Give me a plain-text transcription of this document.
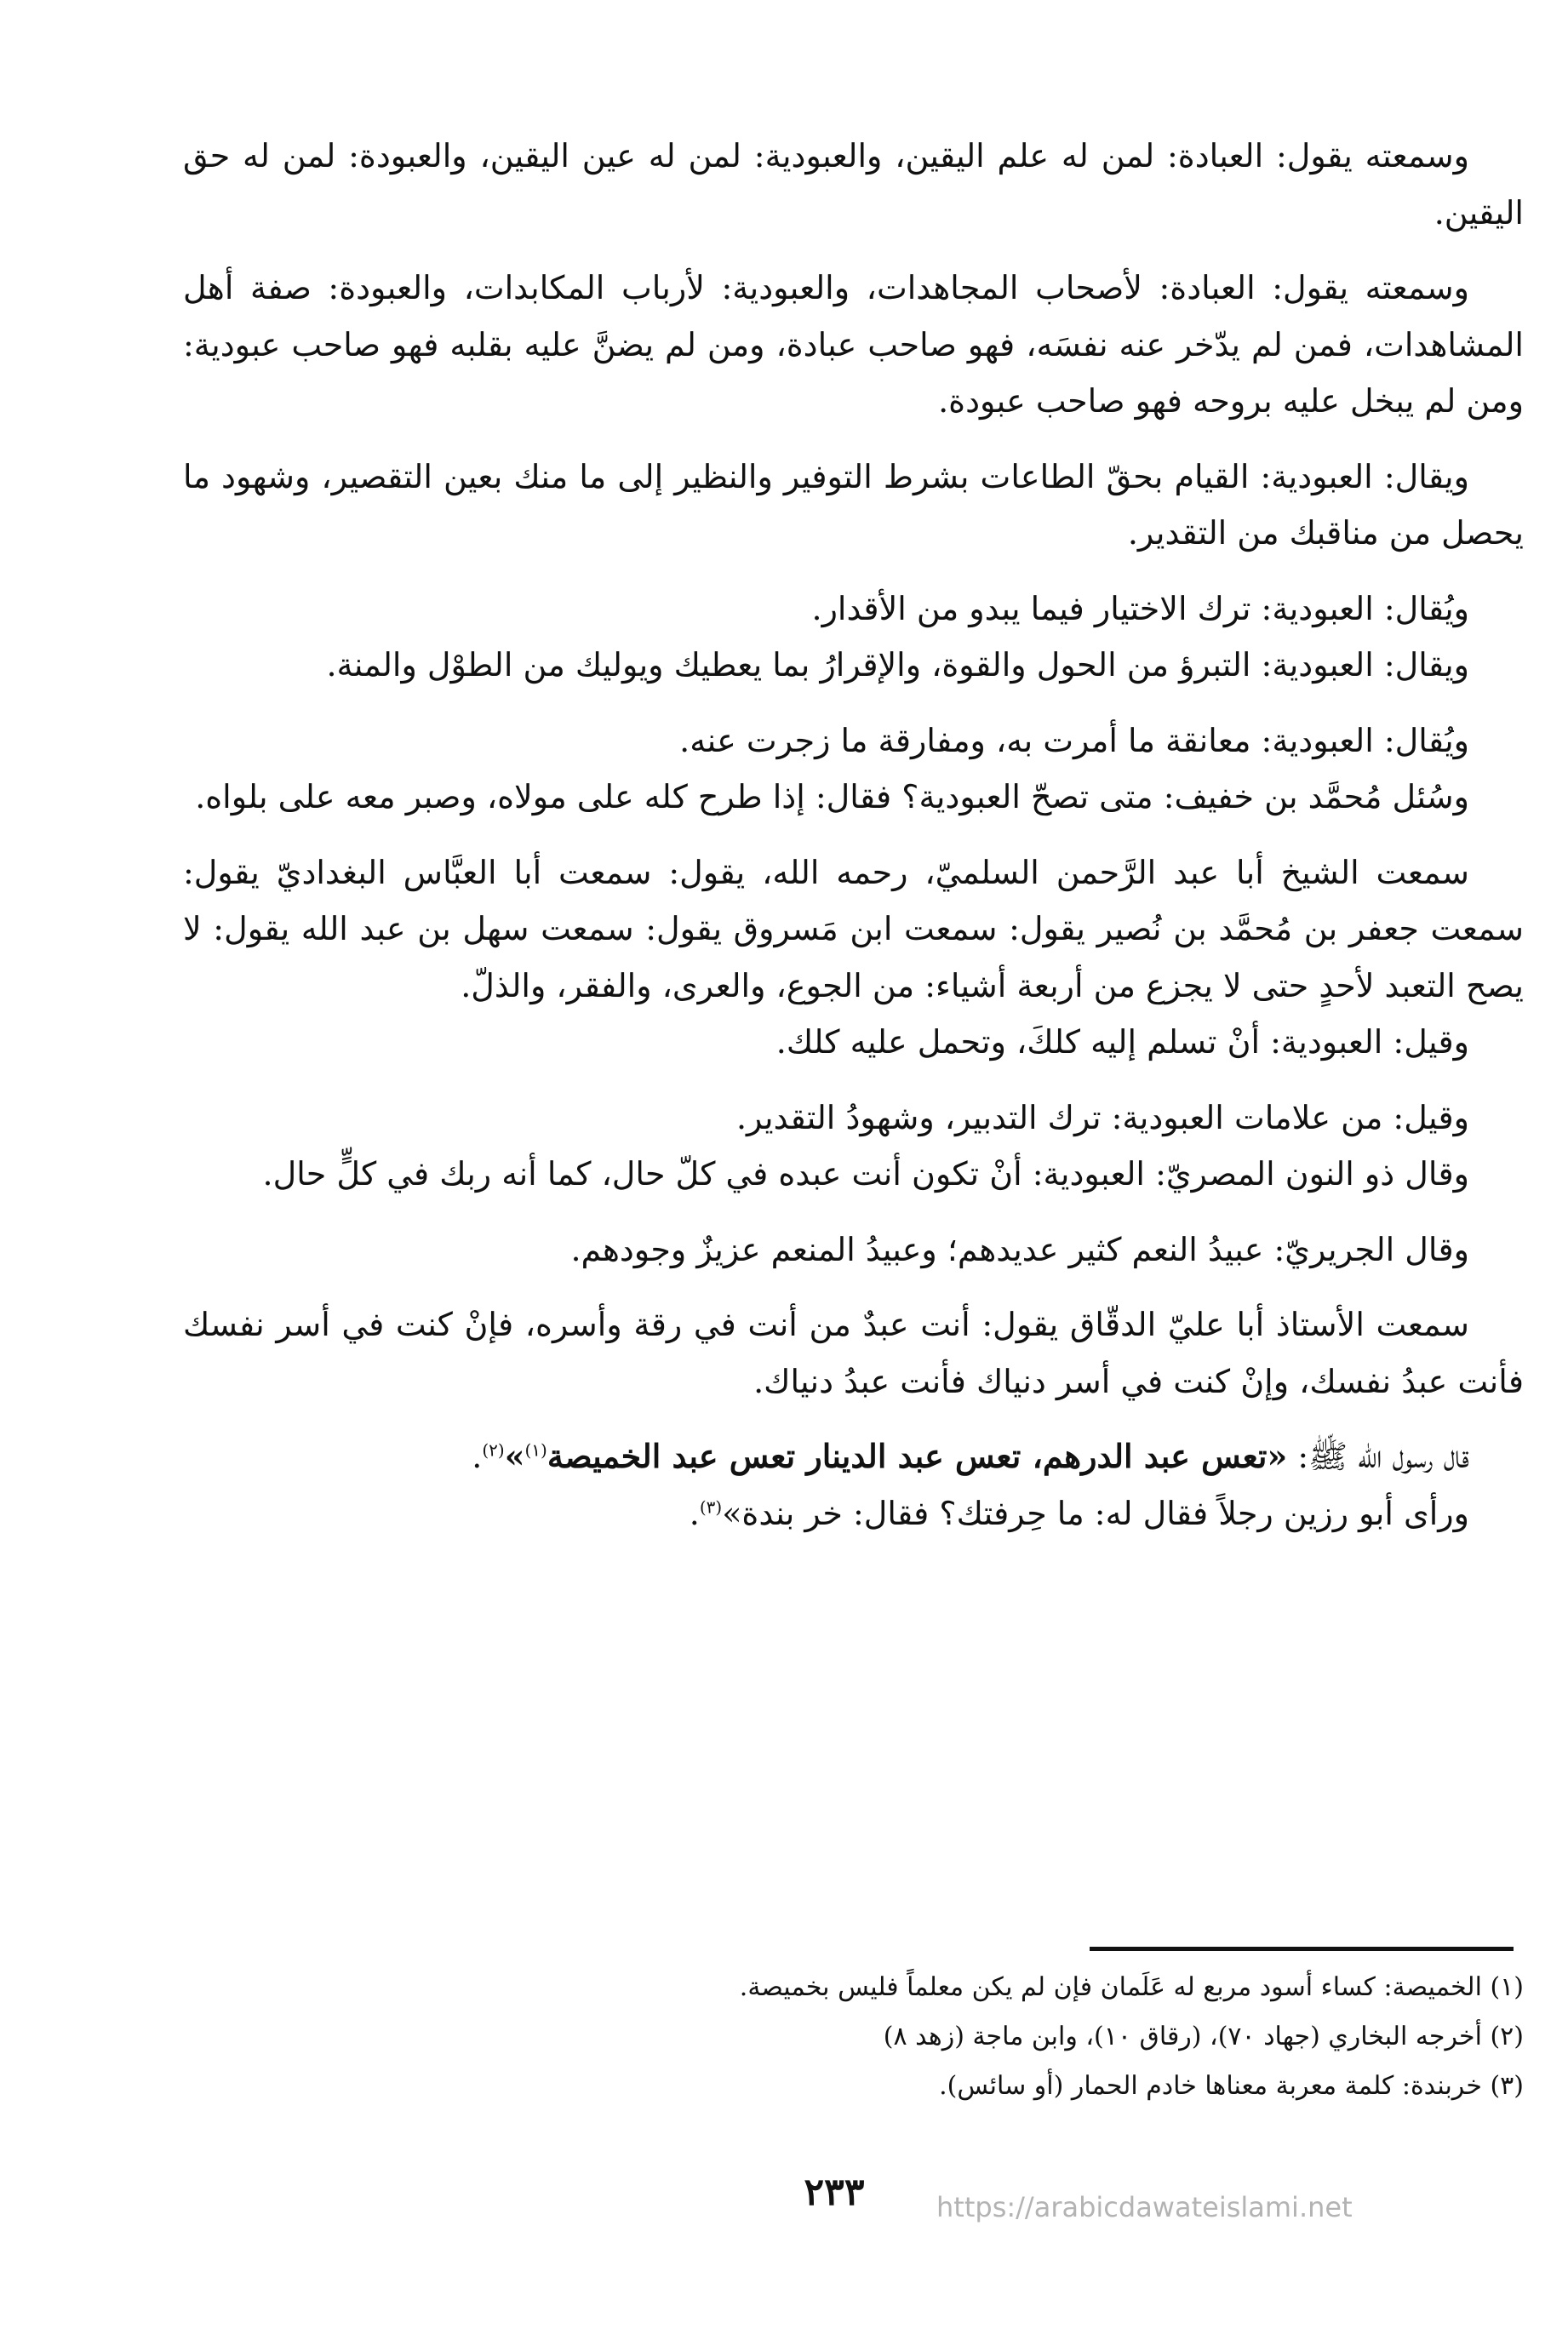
وسمعته يقول: العبادة: لمن له علم اليقين، والعبودية: لمن له عين اليقين، والعبودة: لمن له حق اليقين.

وسمعته يقول: العبادة: لأصحاب المجاهدات، والعبودية: لأرباب المكابدات، والعبودة: صفة أهل المشاهدات، فمن لم يدّخر عنه نفسَه، فهو صاحب عبادة، ومن لم يضنَّ عليه بقلبه فهو صاحب عبودية: ومن لم يبخل عليه بروحه فهو صاحب عبودة.

ويقال: العبودية: القيام بحقّ الطاعات بشرط التوفير والنظير إلى ما منك بعين التقصير، وشهود ما يحصل من مناقبك من التقدير.

ويُقال: العبودية: ترك الاختيار فيما يبدو من الأقدار.

ويقال: العبودية: التبرؤ من الحول والقوة، والإقرارُ بما يعطيك ويوليك من الطوْل والمنة.

ويُقال: العبودية: معانقة ما أمرت به، ومفارقة ما زجرت عنه.

وسُئل مُحمَّد بن خفيف: متى تصحّ العبودية؟ فقال: إذا طرح كله على مولاه، وصبر معه على بلواه.

سمعت الشيخ أبا عبد الرَّحمن السلميّ، رحمه الله، يقول: سمعت أبا العبَّاس البغداديّ يقول: سمعت جعفر بن مُحمَّد بن نُصير يقول: سمعت ابن مَسروق يقول: سمعت سهل بن عبد الله يقول: لا يصح التعبد لأحدٍ حتى لا يجزع من أربعة أشياء: من الجوع، والعرى، والفقر، والذلّ.

وقيل: العبودية: أنْ تسلم إليه كلكَ، وتحمل عليه كلك.

وقيل: من علامات العبودية: ترك التدبير، وشهودُ التقدير.

وقال ذو النون المصريّ: العبودية: أنْ تكون أنت عبده في كلّ حال، كما أنه ربك في كلٍّ حال.

وقال الجريريّ: عبيدُ النعم كثير عديدهم؛ وعبيدُ المنعم عزيزٌ وجودهم.

سمعت الأستاذ أبا عليّ الدقّاق يقول: أنت عبدٌ من أنت في رقة وأسره، فإنْ كنت في أسر نفسك فأنت عبدُ نفسك، وإنْ كنت في أسر دنياك فأنت عبدُ دنياك.

قال رسول الله ﷺ: «تعس عبد الدرهم، تعس عبد الدينار تعس عبد الخميصة$^{(١)}$»$^{(٢)}$.

ورأى أبو رزين رجلاً فقال له: ما حِرفتك؟ فقال: خر بندة»$^{(٣)}$.

(١) الخميصة: كساء أسود مربع له عَلَمان فإن لم يكن معلماً فليس بخميصة.

(٢) أخرجه البخاري (جهاد ٧٠)، (رقاق ١٠)، وابن ماجة (زهد ٨)

(٣) خربندة: كلمة معربة معناها خادم الحمار (أو سائس).

٢٣٣	https://arabicdawateislami.net
